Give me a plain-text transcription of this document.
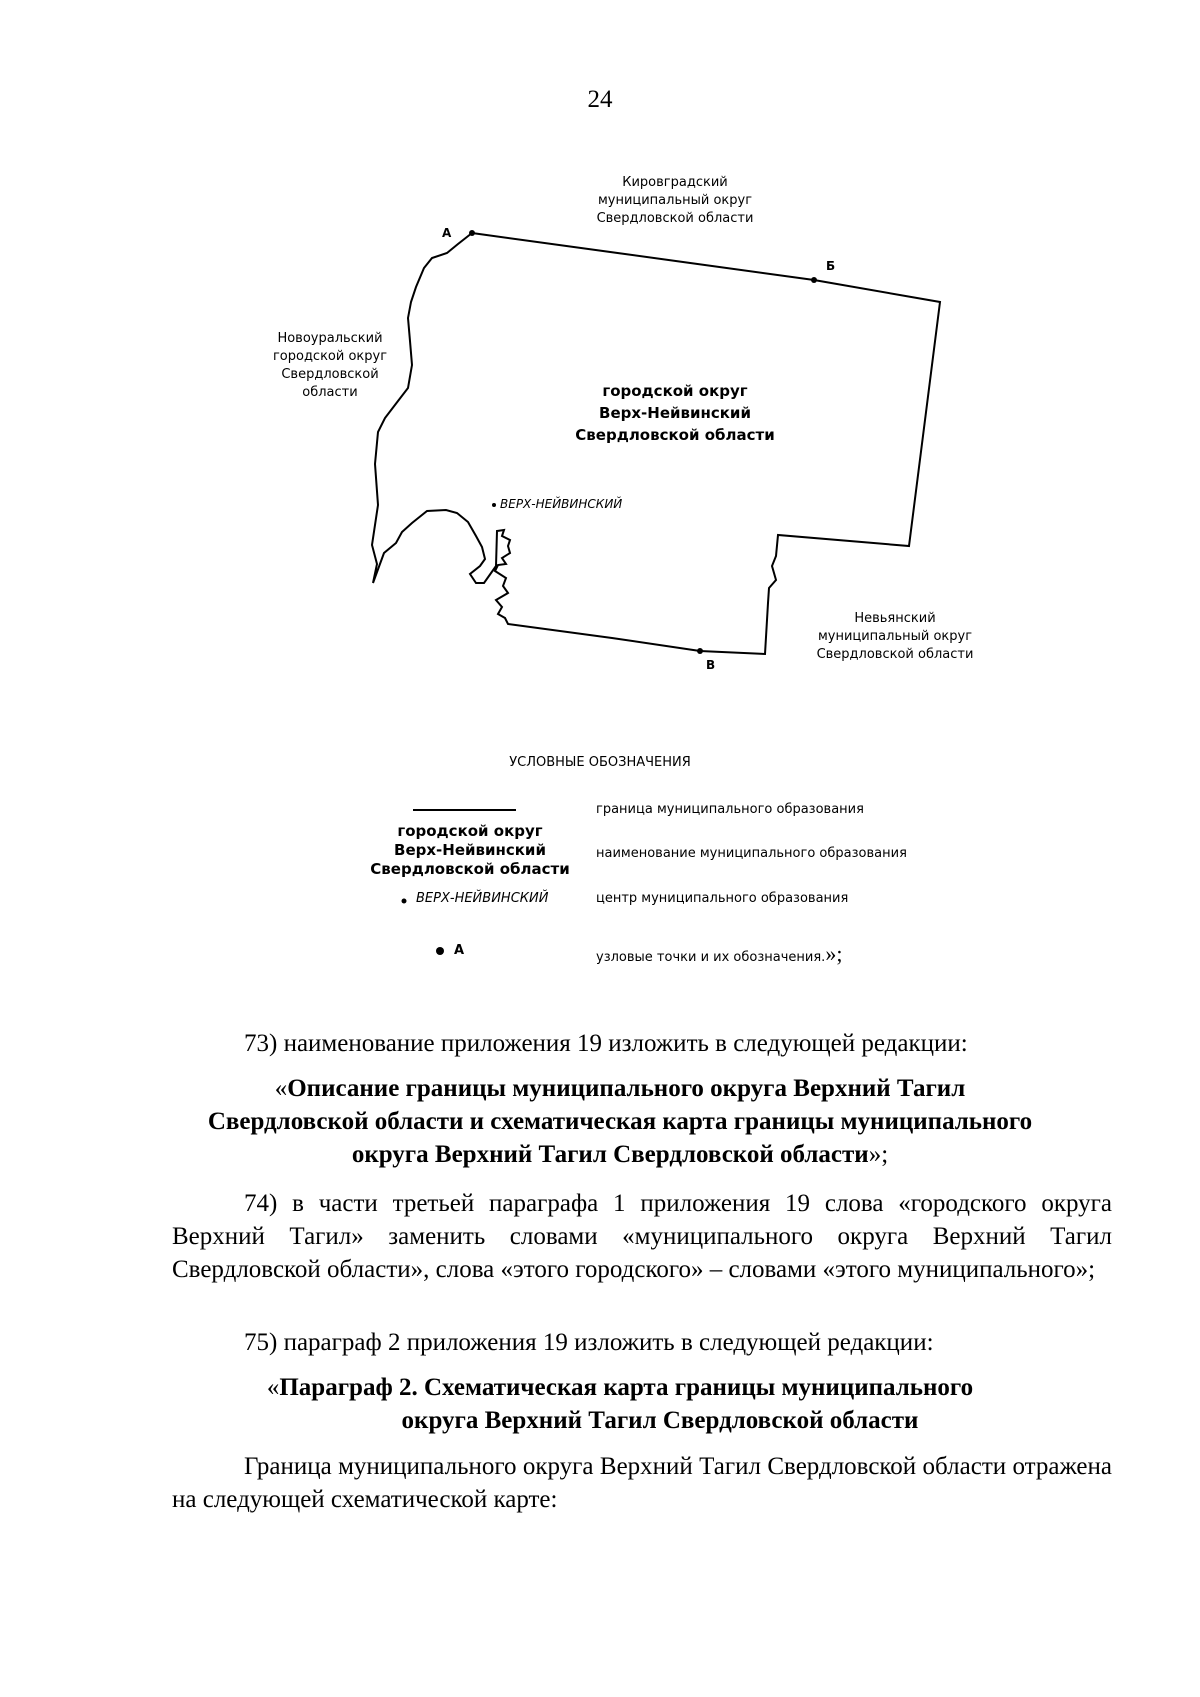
24
Кировградский
муниципальный округ
Свердловской области
Новоуральский
городской округ
Свердловской
области
Невьянский
муниципальный округ
Свердловской области
городской округ
Верх-Нейвинский
Свердловской области
ВЕРХ-НЕЙВИНСКИЙ
А
Б
В
УСЛОВНЫЕ ОБОЗНАЧЕНИЯ
граница муниципального образования
городской округ
Верх-Нейвинский
Свердловской области
наименование муниципального образования
ВЕРХ-НЕЙВИНСКИЙ	центр муниципального образования
А	узловые точки и их обозначения.»;
73) наименование приложения 19 изложить в следующей редакции:
«Описание границы муниципального округа Верхний Тагил Свердловской области и схематическая карта границы муниципального округа Верхний Тагил Свердловской области»;
74) в части третьей параграфа 1 приложения 19 слова «городского округа Верхний Тагил» заменить словами «муниципального округа Верхний Тагил Свердловской области», слова «этого городского» – словами «этого муниципального»;
75) параграф 2 приложения 19 изложить в следующей редакции:
«Параграф 2. Схематическая карта границы муниципального
округа Верхний Тагил Свердловской области
Граница муниципального округа Верхний Тагил Свердловской области отражена на следующей схематической карте:
